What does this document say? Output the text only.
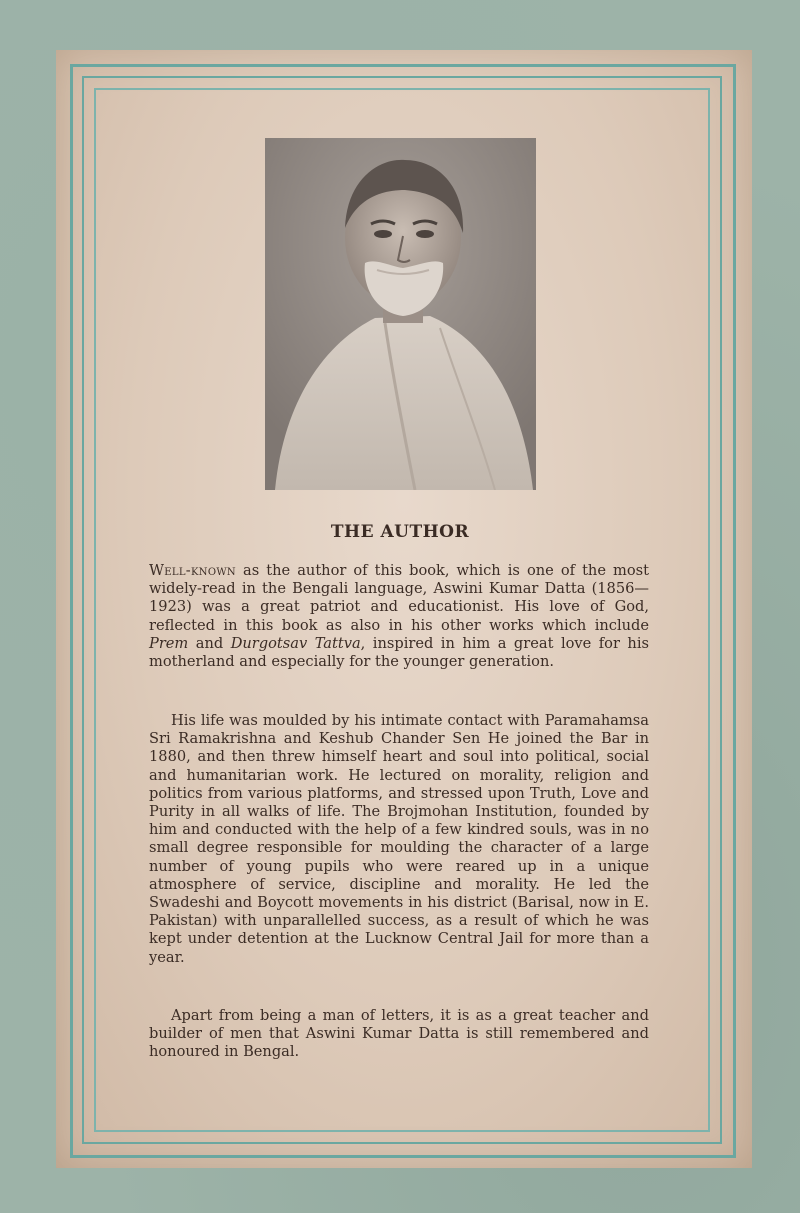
THE AUTHOR

Well-known as the author of this book, which is one of the most widely-read in the Bengali language, Aswini Kumar Datta (1856—1923) was a great patriot and educationist. His love of God, reflected in this book as also in his other works which include Prem and Durgotsav Tattva, inspired in him a great love for his motherland and especially for the younger generation.

His life was moulded by his intimate contact with Paramahamsa Sri Ramakrishna and Keshub Chander Sen He joined the Bar in 1880, and then threw himself heart and soul into political, social and humanitarian work. He lectured on morality, religion and politics from various platforms, and stressed upon Truth, Love and Purity in all walks of life. The Brojmohan Institution, founded by him and conducted with the help of a few kindred souls, was in no small degree responsible for moulding the character of a large number of young pupils who were reared up in a unique atmosphere of service, discipline and morality. He led the Swadeshi and Boycott movements in his district (Barisal, now in E. Pakistan) with unparallelled success, as a result of which he was kept under detention at the Lucknow Central Jail for more than a year.

Apart from being a man of letters, it is as a great teacher and builder of men that Aswini Kumar Datta is still remembered and honoured in Bengal.
